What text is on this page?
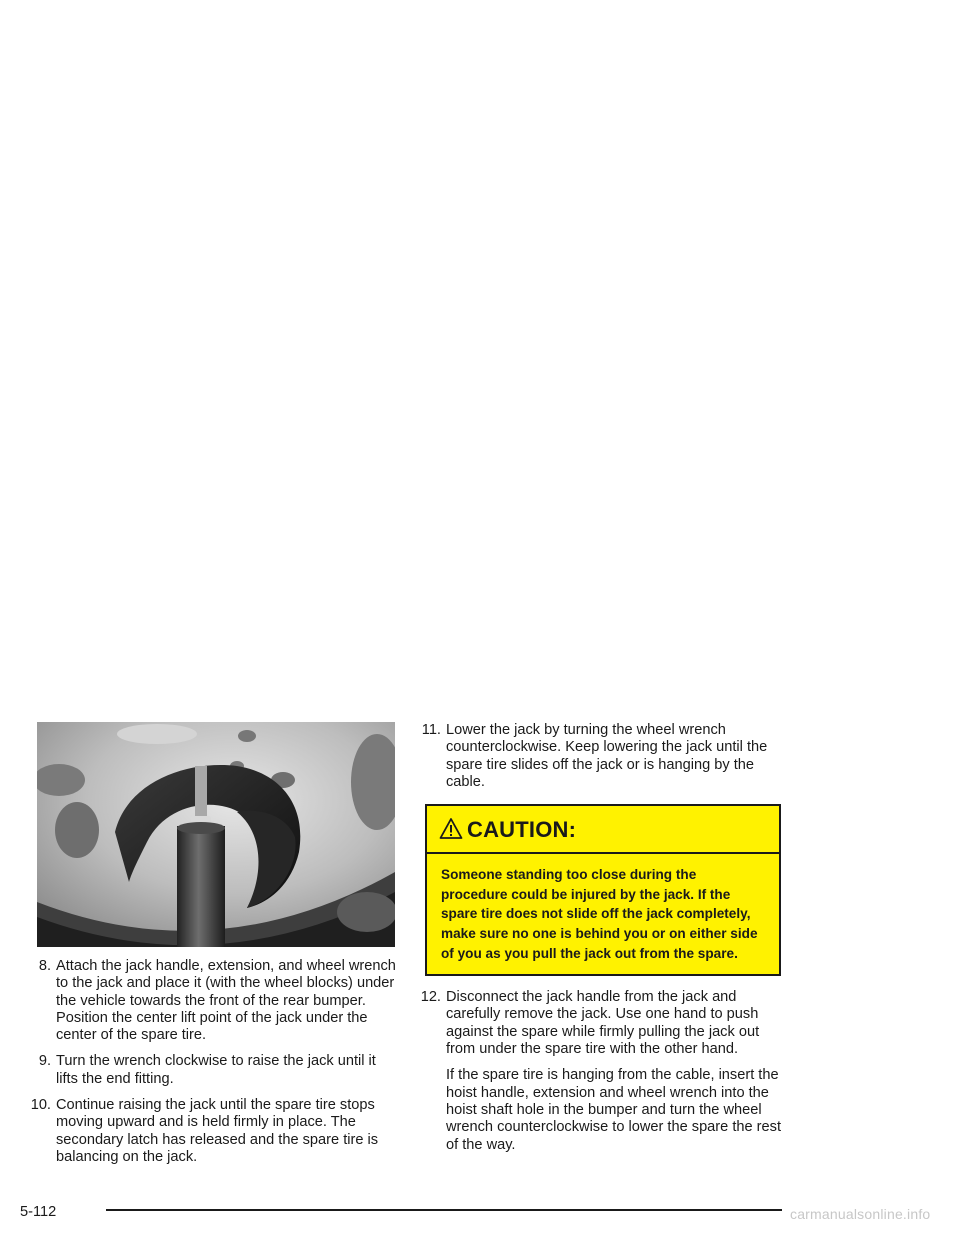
8. Attach the jack handle, extension, and wheel wrench to the jack and place it (with the wheel blocks) under the vehicle towards the front of the rear bumper. Position the center lift point of the jack under the center of the spare tire.

9. Turn the wrench clockwise to raise the jack until it lifts the end fitting.

10. Continue raising the jack until the spare tire stops moving upward and is held firmly in place. The secondary latch has released and the spare tire is balancing on the jack.

11. Lower the jack by turning the wheel wrench counterclockwise. Keep lowering the jack until the spare tire slides off the jack or is hanging by the cable.

CAUTION:
Someone standing too close during the procedure could be injured by the jack. If the spare tire does not slide off the jack completely, make sure no one is behind you or on either side of you as you pull the jack out from the spare.
12. Disconnect the jack handle from the jack and carefully remove the jack. Use one hand to push against the spare while firmly pulling the jack out from under the spare tire with the other hand.

If the spare tire is hanging from the cable, insert the hoist handle, extension and wheel wrench into the hoist shaft hole in the bumper and turn the wheel wrench counterclockwise to lower the spare the rest of the way.

5-112	carmanualsonline.info
